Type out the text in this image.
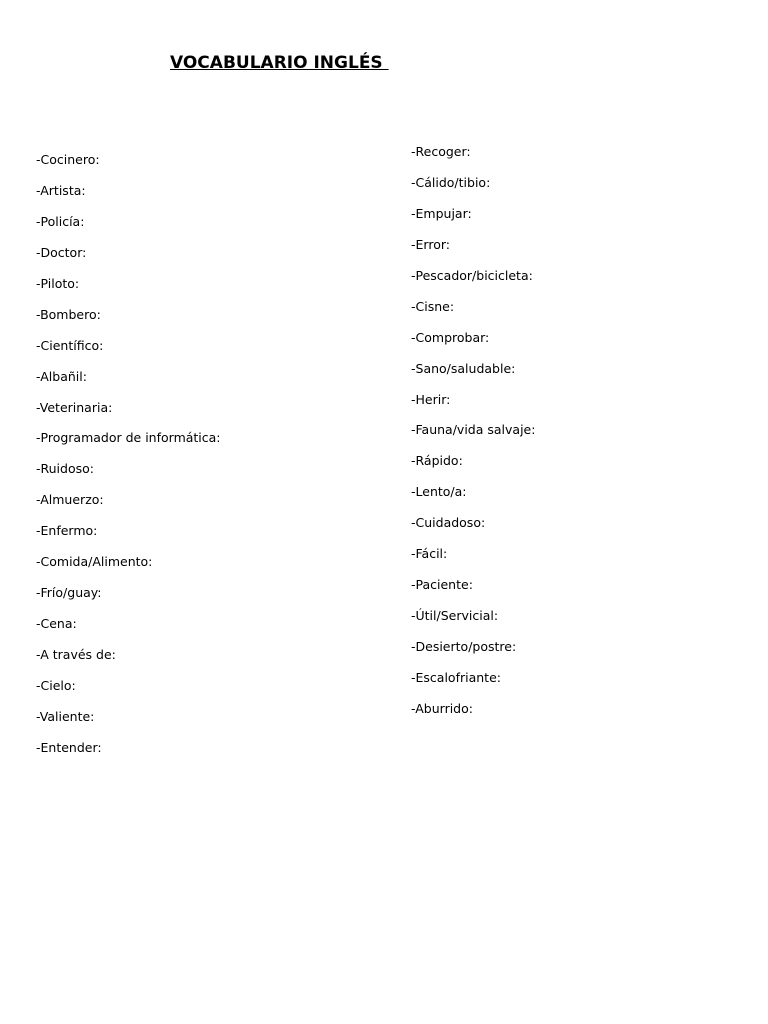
VOCABULARIO INGLÉS
-Cocinero:
-Artista:
-Policía:
-Doctor:
-Piloto:
-Bombero:
-Científico:
-Albañil:
-Veterinaria:
-Programador de informática:
-Ruidoso:
-Almuerzo:
-Enfermo:
-Comida/Alimento:
-Frío/guay:
-Cena:
-A través de:
-Cielo:
-Valiente:
-Entender:
-Recoger:
-Cálido/tibio:
-Empujar:
-Error:
-Pescador/bicicleta:
-Cisne:
-Comprobar:
-Sano/saludable:
-Herir:
-Fauna/vida salvaje:
-Rápido:
-Lento/a:
-Cuidadoso:
-Fácil:
-Paciente:
-Útil/Servicial:
-Desierto/postre:
-Escalofriante:
-Aburrido:
